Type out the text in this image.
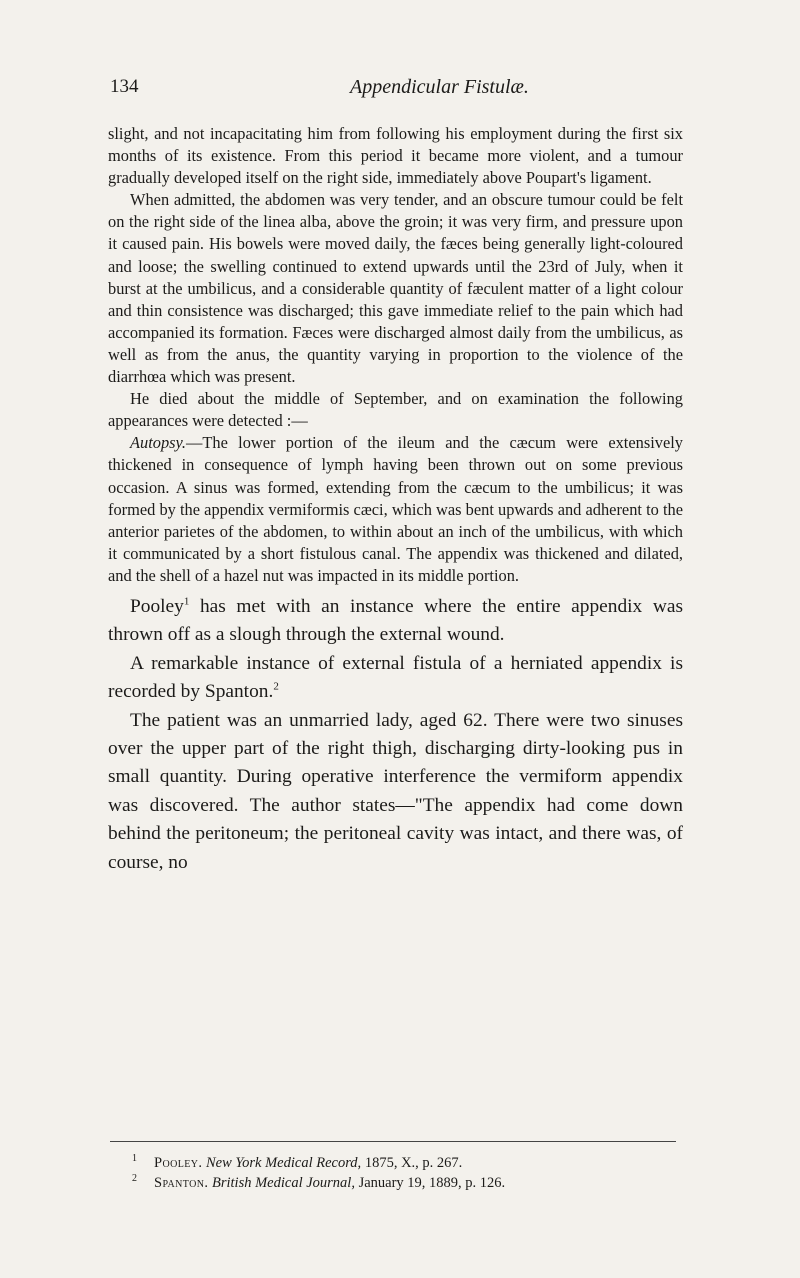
134	Appendicular Fistulæ.

slight, and not incapacitating him from following his employment during the first six months of its existence. From this period it became more violent, and a tumour gradually developed itself on the right side, immediately above Poupart's ligament.

When admitted, the abdomen was very tender, and an obscure tumour could be felt on the right side of the linea alba, above the groin; it was very firm, and pressure upon it caused pain. His bowels were moved daily, the fæces being generally light-coloured and loose; the swelling continued to extend upwards until the 23rd of July, when it burst at the umbilicus, and a considerable quantity of fæculent matter of a light colour and thin consistence was discharged; this gave immediate relief to the pain which had accompanied its formation. Fæces were discharged almost daily from the umbilicus, as well as from the anus, the quantity varying in proportion to the violence of the diarrhœa which was present.

He died about the middle of September, and on examination the following appearances were detected :—

Autopsy.—The lower portion of the ileum and the cæcum were extensively thickened in consequence of lymph having been thrown out on some previous occasion. A sinus was formed, extending from the cæcum to the umbilicus; it was formed by the appendix vermiformis cæci, which was bent upwards and adherent to the anterior parietes of the abdomen, to within about an inch of the umbilicus, with which it communicated by a short fistulous canal. The appendix was thickened and dilated, and the shell of a hazel nut was impacted in its middle portion.

Pooley$^1$ has met with an instance where the entire appendix was thrown off as a slough through the external wound.

A remarkable instance of external fistula of a herniated appendix is recorded by Spanton.$^2$

The patient was an unmarried lady, aged 62. There were two sinuses over the upper part of the right thigh, discharging dirty-looking pus in small quantity. During operative interference the vermiform appendix was discovered. The author states—"The appendix had come down behind the peritoneum; the peritoneal cavity was intact, and there was, of course, no

1 Pooley. New York Medical Record, 1875, X., p. 267.
2 Spanton. British Medical Journal, January 19, 1889, p. 126.
